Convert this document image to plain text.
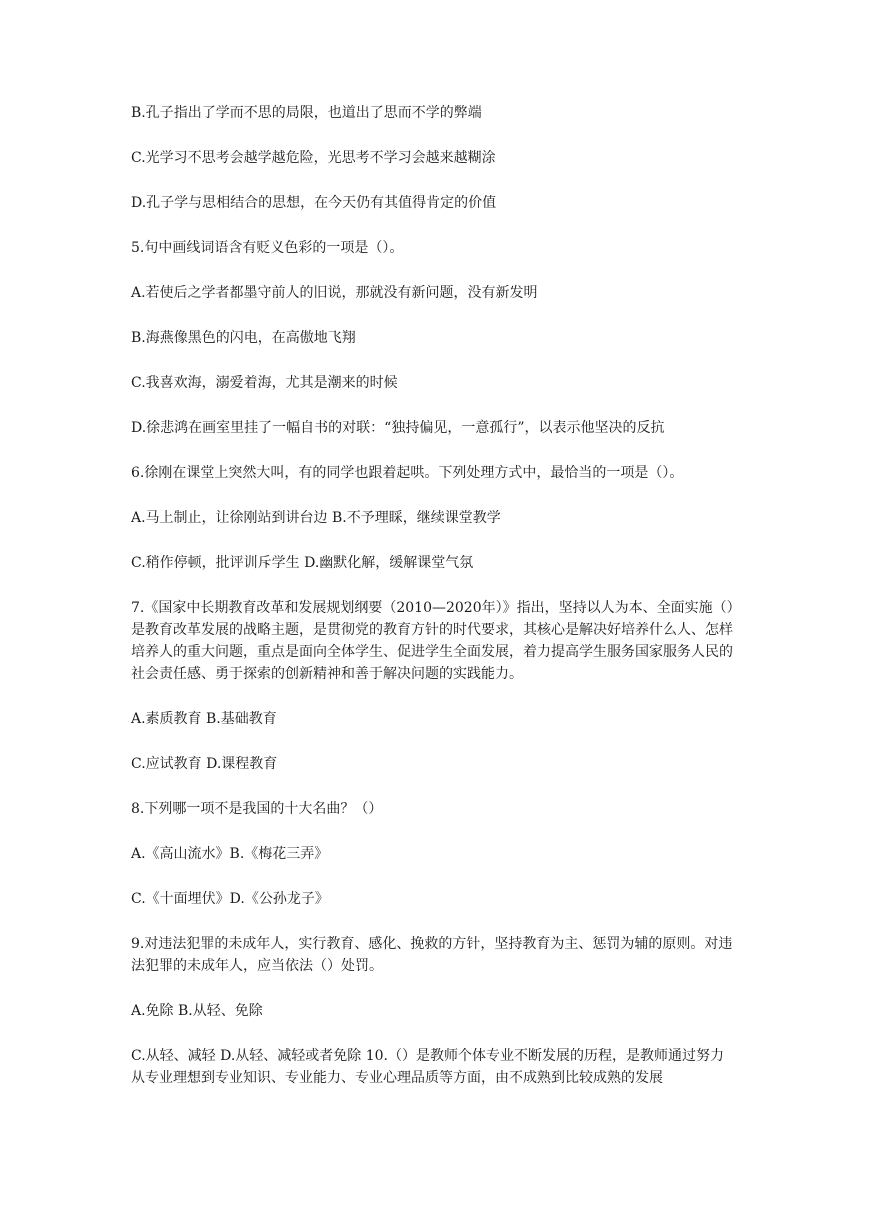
B.孔子指出了学而不思的局限，也道出了思而不学的弊端

C.光学习不思考会越学越危险，光思考不学习会越来越糊涂

D.孔子学与思相结合的思想，在今天仍有其值得肯定的价值

5.句中画线词语含有贬义色彩的一项是（）。

A.若使后之学者都墨守前人的旧说，那就没有新问题，没有新发明

B.海燕像黑色的闪电，在高傲地飞翔

C.我喜欢海，溺爱着海，尤其是潮来的时候

D.徐悲鸿在画室里挂了一幅自书的对联：“独持偏见，一意孤行”，以表示他坚决的反抗

6.徐刚在课堂上突然大叫，有的同学也跟着起哄。下列处理方式中，最恰当的一项是（）。

A.马上制止，让徐刚站到讲台边 B.不予理睬，继续课堂教学

C.稍作停顿，批评训斥学生 D.幽默化解，缓解课堂气氛

7.《国家中长期教育改革和发展规划纲要（2010—2020年）》指出，坚持以人为本、全面实施（）是教育改革发展的战略主题，是贯彻党的教育方针的时代要求，其核心是解决好培养什么人、怎样培养人的重大问题，重点是面向全体学生、促进学生全面发展，着力提高学生服务国家服务人民的社会责任感、勇于探索的创新精神和善于解决问题的实践能力。

A.素质教育 B.基础教育

C.应试教育 D.课程教育

8.下列哪一项不是我国的十大名曲？（）

A.《高山流水》B.《梅花三弄》

C.《十面埋伏》D.《公孙龙子》

9.对违法犯罪的未成年人，实行教育、感化、挽救的方针，坚持教育为主、惩罚为辅的原则。对违法犯罪的未成年人，应当依法（）处罚。

A.免除 B.从轻、免除

C.从轻、减轻 D.从轻、减轻或者免除 10.（）是教师个体专业不断发展的历程，是教师通过努力从专业理想到专业知识、专业能力、专业心理品质等方面，由不成熟到比较成熟的发展
